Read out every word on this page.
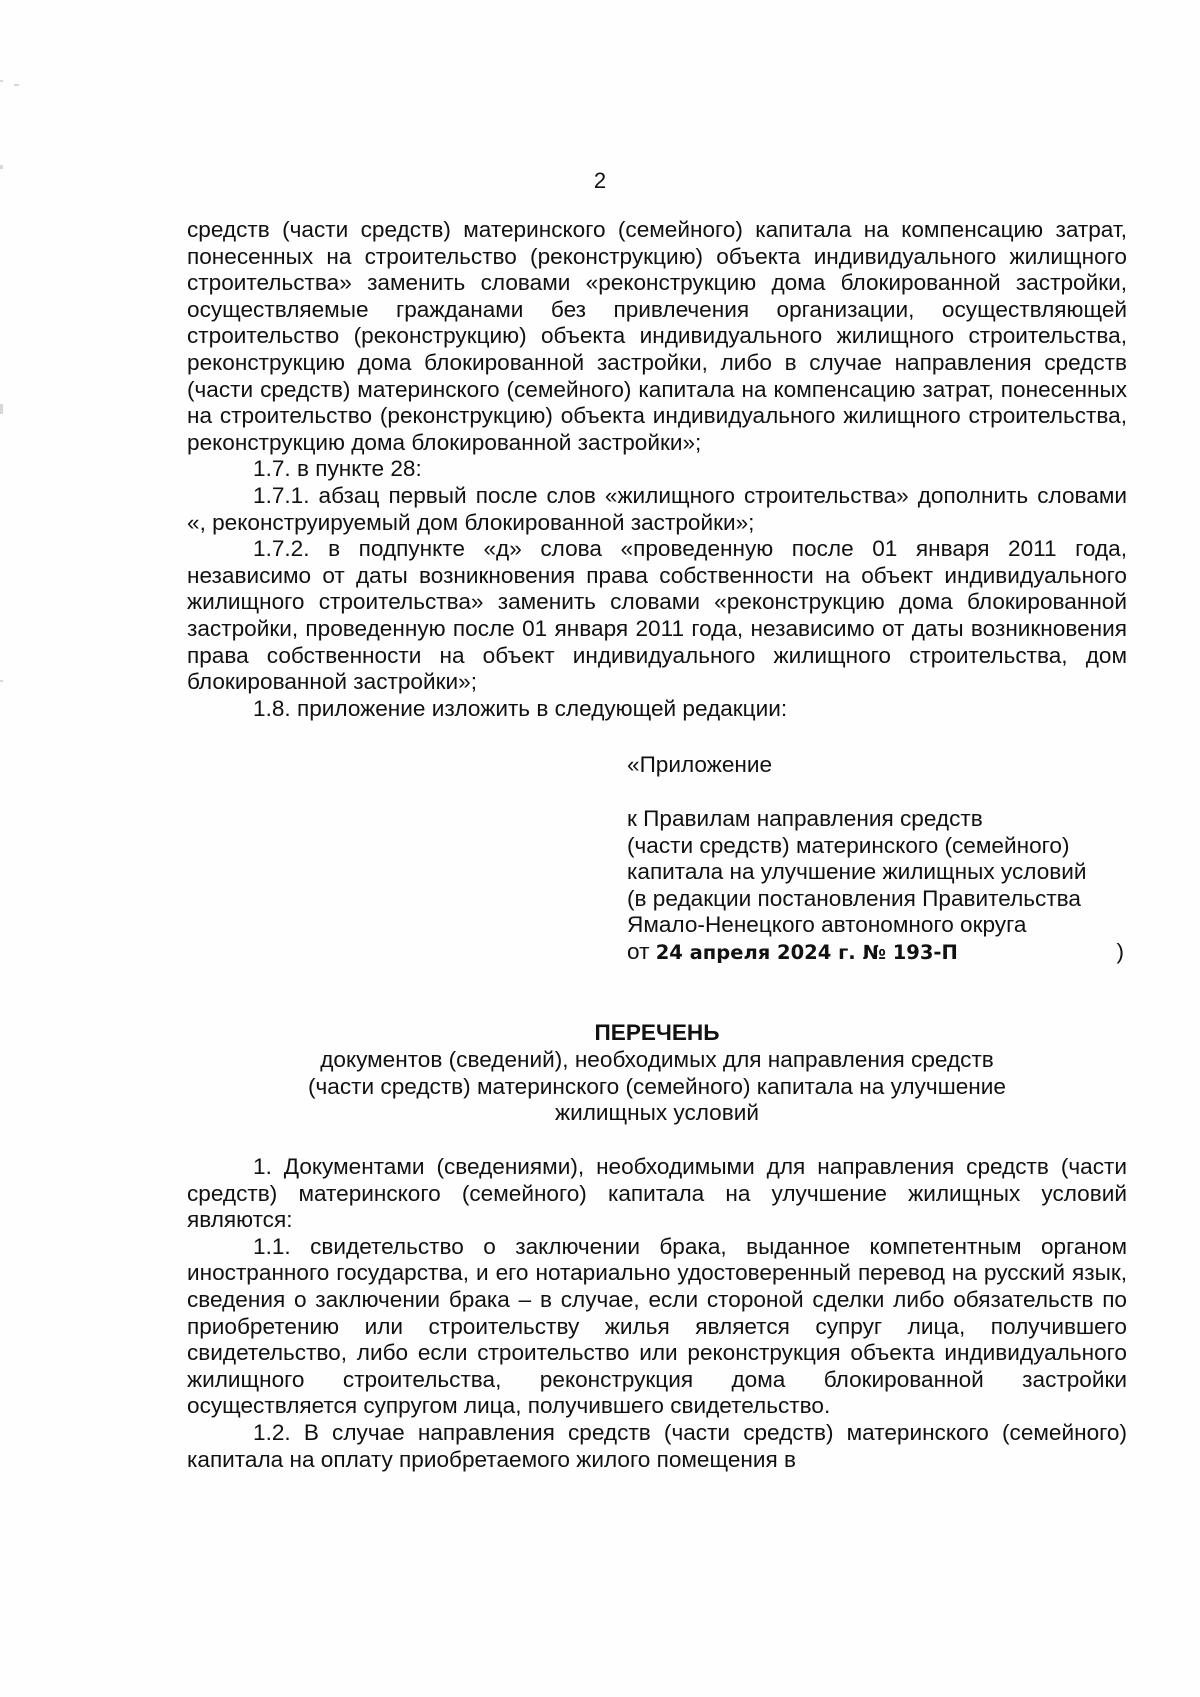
2

средств (части средств) материнского (семейного) капитала на компенсацию затрат, понесенных на строительство (реконструкцию) объекта индивидуального жилищного строительства» заменить словами «реконструкцию дома блокированной застройки, осуществляемые гражданами без привлечения организации, осуществляющей строительство (реконструкцию) объекта индивидуального жилищного строительства, реконструкцию дома блокированной застройки, либо в случае направления средств (части средств) материнского (семейного) капитала на компенсацию затрат, понесенных на строительство (реконструкцию) объекта индивидуального жилищного строительства, реконструкцию дома блокированной застройки»;

1.7. в пункте 28:

1.7.1. абзац первый после слов «жилищного строительства» дополнить словами «, реконструируемый дом блокированной застройки»;

1.7.2. в подпункте «д» слова «проведенную после 01 января 2011 года, независимо от даты возникновения права собственности на объект индивидуального жилищного строительства» заменить словами «реконструкцию дома блокированной застройки, проведенную после 01 января 2011 года, независимо от даты возникновения права собственности на объект индивидуального жилищного строительства, дом блокированной застройки»;

1.8. приложение изложить в следующей редакции:

«Приложение
к Правилам направления средств
(части средств) материнского (семейного)
капитала на улучшение жилищных условий
(в редакции постановления Правительства
Ямало-Ненецкого автономного округа
от 24 апреля 2024 г. № 193-П	)
ПЕРЕЧЕНЬ
документов (сведений), необходимых для направления средств
(части средств) материнского (семейного) капитала на улучшение
жилищных условий

1. Документами (сведениями), необходимыми для направления средств (части средств) материнского (семейного) капитала на улучшение жилищных условий являются:

1.1. свидетельство о заключении брака, выданное компетентным органом иностранного государства, и его нотариально удостоверенный перевод на русский язык, сведения о заключении брака – в случае, если стороной сделки либо обязательств по приобретению или строительству жилья является супруг лица, получившего свидетельство, либо если строительство или реконструкция объекта индивидуального жилищного строительства, реконструкция дома блокированной застройки осуществляется супругом лица, получившего свидетельство.

1.2. В случае направления средств (части средств) материнского (семейного) капитала на оплату приобретаемого жилого помещения в
